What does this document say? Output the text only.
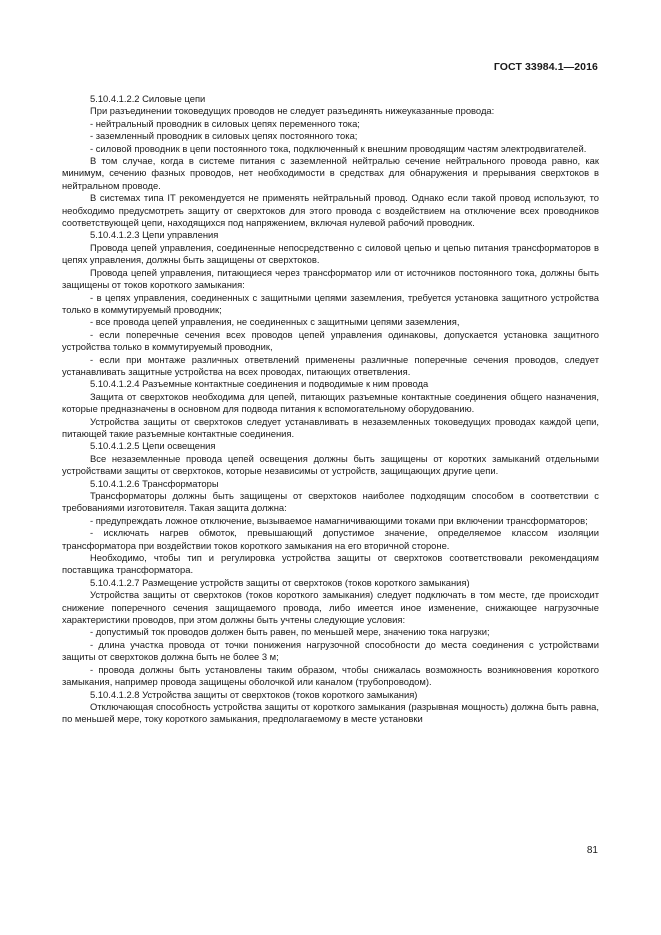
ГОСТ 33984.1—2016

5.10.4.1.2.2 Силовые цепи

При разъединении токоведущих проводов не следует разъединять нижеуказанные провода:

- нейтральный проводник в силовых цепях переменного тока;

- заземленный проводник в силовых цепях постоянного тока;

- силовой проводник в цепи постоянного тока, подключенный к внешним проводящим частям электродвигателей.

В том случае, когда в системе питания с заземленной нейтралью сечение нейтрального провода равно, как минимум, сечению фазных проводов, нет необходимости в средствах для обнаружения и прерывания сверхтоков в нейтральном проводе.

В системах типа IT рекомендуется не применять нейтральный провод. Однако если такой провод используют, то необходимо предусмотреть защиту от сверхтоков для этого провода с воздействием на отключение всех проводников соответствующей цепи, находящихся под напряжением, включая нулевой рабочий проводник.

5.10.4.1.2.3 Цепи управления

Провода цепей управления, соединенные непосредственно с силовой цепью и цепью питания трансформаторов в цепях управления, должны быть защищены от сверхтоков.

Провода цепей управления, питающиеся через трансформатор или от источников постоянного тока, должны быть защищены от токов короткого замыкания:

- в цепях управления, соединенных с защитными цепями заземления, требуется установка защитного устройства только в коммутируемый проводник;

- все провода цепей управления, не соединенных с защитными цепями заземления,

- если поперечные сечения всех проводов цепей управления одинаковы, допускается установка защитного устройства только в коммутируемый проводник,

- если при монтаже различных ответвлений применены различные поперечные сечения проводов, следует устанавливать защитные устройства на всех проводах, питающих ответвления.

5.10.4.1.2.4 Разъемные контактные соединения и подводимые к ним провода

Защита от сверхтоков необходима для цепей, питающих разъемные контактные соединения общего назначения, которые предназначены в основном для подвода питания к вспомогательному оборудованию.

Устройства защиты от сверхтоков следует устанавливать в незаземленных токоведущих проводах каждой цепи, питающей такие разъемные контактные соединения.

5.10.4.1.2.5 Цепи освещения

Все незаземленные провода цепей освещения должны быть защищены от коротких замыканий отдельными устройствами защиты от сверхтоков, которые независимы от устройств, защищающих другие цепи.

5.10.4.1.2.6 Трансформаторы

Трансформаторы должны быть защищены от сверхтоков наиболее подходящим способом в соответствии с требованиями изготовителя. Такая защита должна:

- предупреждать ложное отключение, вызываемое намагничивающими токами при включении трансформаторов;

- исключать нагрев обмоток, превышающий допустимое значение, определяемое классом изоляции трансформатора при воздействии токов короткого замыкания на его вторичной стороне.

Необходимо, чтобы тип и регулировка устройства защиты от сверхтоков соответствовали рекомендациям поставщика трансформатора.

5.10.4.1.2.7 Размещение устройств защиты от сверхтоков (токов короткого замыкания)

Устройства защиты от сверхтоков (токов короткого замыкания) следует подключать в том месте, где происходит снижение поперечного сечения защищаемого провода, либо имеется иное изменение, снижающее нагрузочные характеристики проводов, при этом должны быть учтены следующие условия:

- допустимый ток проводов должен быть равен, по меньшей мере, значению тока нагрузки;

- длина участка провода от точки понижения нагрузочной способности до места соединения с устройствами защиты от сверхтоков должна быть не более 3 м;

- провода должны быть установлены таким образом, чтобы снижалась возможность возникновения короткого замыкания, например провода защищены оболочкой или каналом (трубопроводом).

5.10.4.1.2.8 Устройства защиты от сверхтоков (токов короткого замыкания)

Отключающая способность устройства защиты от короткого замыкания (разрывная мощность) должна быть равна, по меньшей мере, току короткого замыкания, предполагаемому в месте установки

81
